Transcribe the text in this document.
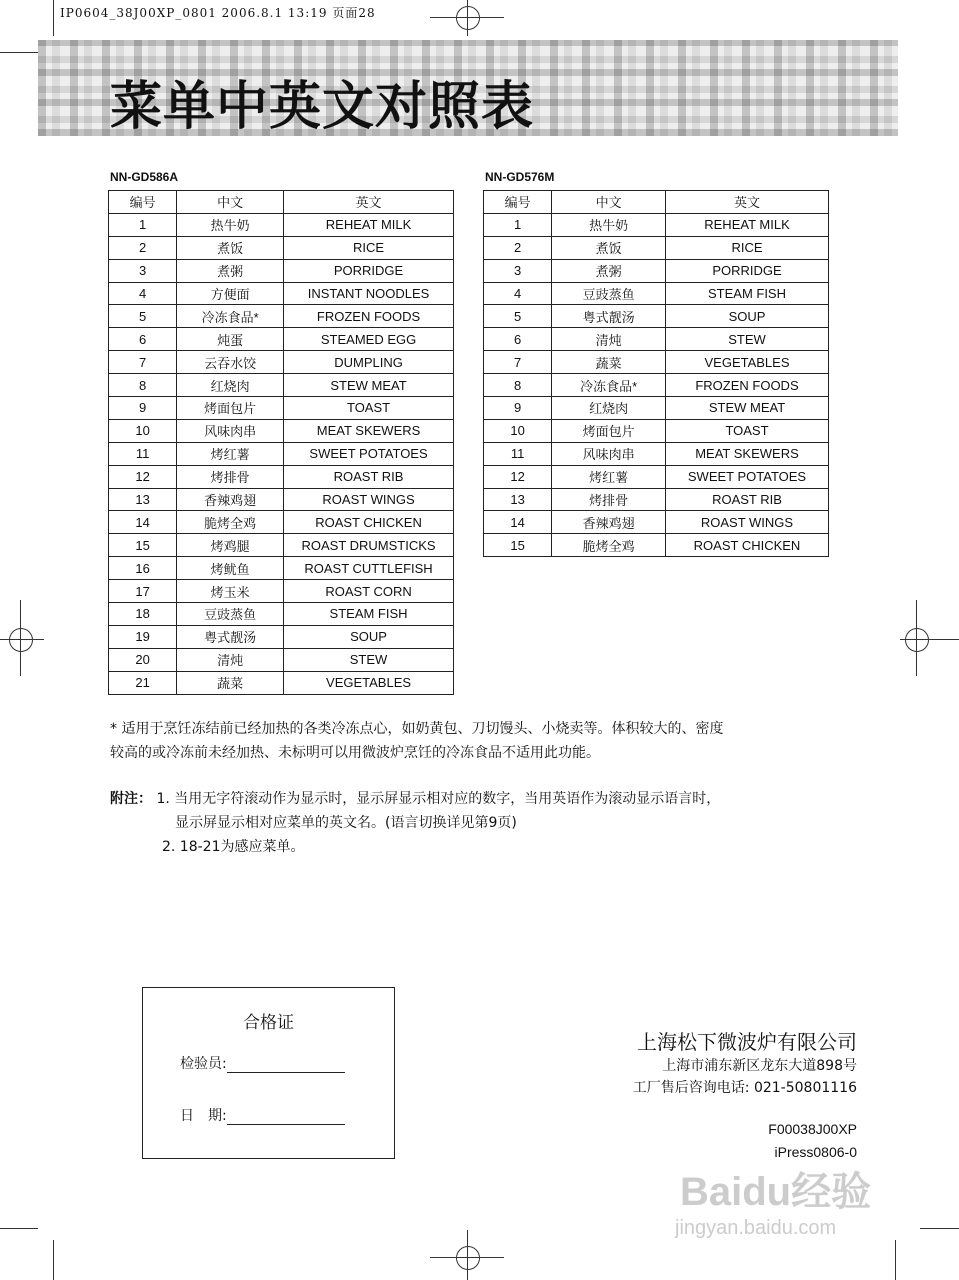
IP0604_38J00XP_0801 2006.8.1 13:19 页面28
菜单中英文对照表
NN-GD586A
编号	中文	英文
1	热牛奶	REHEAT MILK
2	煮饭	RICE
3	煮粥	PORRIDGE
4	方便面	INSTANT NOODLES
5	冷冻食品*	FROZEN FOODS
6	炖蛋	STEAMED EGG
7	云吞水饺	DUMPLING
8	红烧肉	STEW MEAT
9	烤面包片	TOAST
10	风味肉串	MEAT SKEWERS
11	烤红薯	SWEET POTATOES
12	烤排骨	ROAST RIB
13	香辣鸡翅	ROAST WINGS
14	脆烤全鸡	ROAST CHICKEN
15	烤鸡腿	ROAST DRUMSTICKS
16	烤鱿鱼	ROAST CUTTLEFISH
17	烤玉米	ROAST CORN
18	豆豉蒸鱼	STEAM FISH
19	粤式靓汤	SOUP
20	清炖	STEW
21	蔬菜	VEGETABLES
NN-GD576M
编号	中文	英文
1	热牛奶	REHEAT MILK
2	煮饭	RICE
3	煮粥	PORRIDGE
4	豆豉蒸鱼	STEAM FISH
5	粤式靓汤	SOUP
6	清炖	STEW
7	蔬菜	VEGETABLES
8	冷冻食品*	FROZEN FOODS
9	红烧肉	STEW MEAT
10	烤面包片	TOAST
11	风味肉串	MEAT SKEWERS
12	烤红薯	SWEET POTATOES
13	烤排骨	ROAST RIB
14	香辣鸡翅	ROAST WINGS
15	脆烤全鸡	ROAST CHICKEN
* 适用于烹饪冻结前已经加热的各类冷冻点心，如奶黄包、刀切馒头、小烧卖等。体积较大的、密度
较高的或冷冻前未经加热、未标明可以用微波炉烹饪的冷冻食品不适用此功能。
附注： 1. 当用无字符滚动作为显示时，显示屏显示相对应的数字，当用英语作为滚动显示语言时，
显示屏显示相对应菜单的英文名。(语言切换详见第9页)
2. 18-21为感应菜单。
合格证
检验员:
日　期:
上海松下微波炉有限公司
上海市浦东新区龙东大道898号
工厂售后咨询电话: 021-50801116
F00038J00XP
iPress0806-0
Baidu经验
jingyan.baidu.com
